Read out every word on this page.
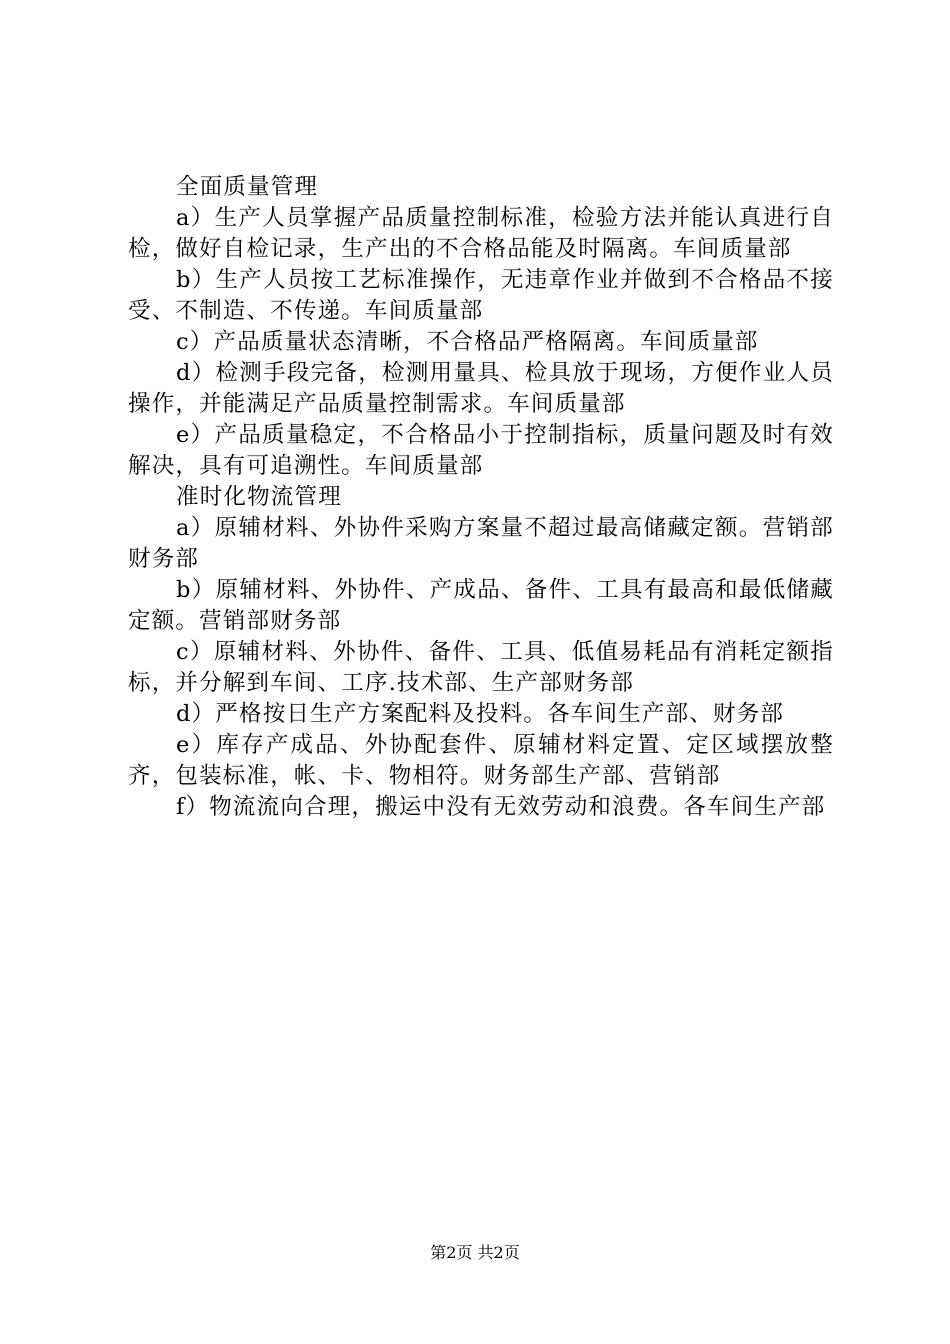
全面质量管理

a）生产人员掌握产品质量控制标准，检验方法并能认真进行自检，做好自检记录，生产出的不合格品能及时隔离。车间质量部

b）生产人员按工艺标准操作，无违章作业并做到不合格品不接受、不制造、不传递。车间质量部

c）产品质量状态清晰，不合格品严格隔离。车间质量部

d）检测手段完备，检测用量具、检具放于现场，方便作业人员操作，并能满足产品质量控制需求。车间质量部

e）产品质量稳定，不合格品小于控制指标，质量问题及时有效解决，具有可追溯性。车间质量部

准时化物流管理

a）原辅材料、外协件采购方案量不超过最高储藏定额。营销部财务部

b）原辅材料、外协件、产成品、备件、工具有最高和最低储藏定额。营销部财务部

c）原辅材料、外协件、备件、工具、低值易耗品有消耗定额指标，并分解到车间、工序.技术部、生产部财务部

d）严格按日生产方案配料及投料。各车间生产部、财务部

e）库存产成品、外协配套件、原辅材料定置、定区域摆放整齐，包装标准，帐、卡、物相符。财务部生产部、营销部

f）物流流向合理，搬运中没有无效劳动和浪费。各车间生产部

第2页 共2页
